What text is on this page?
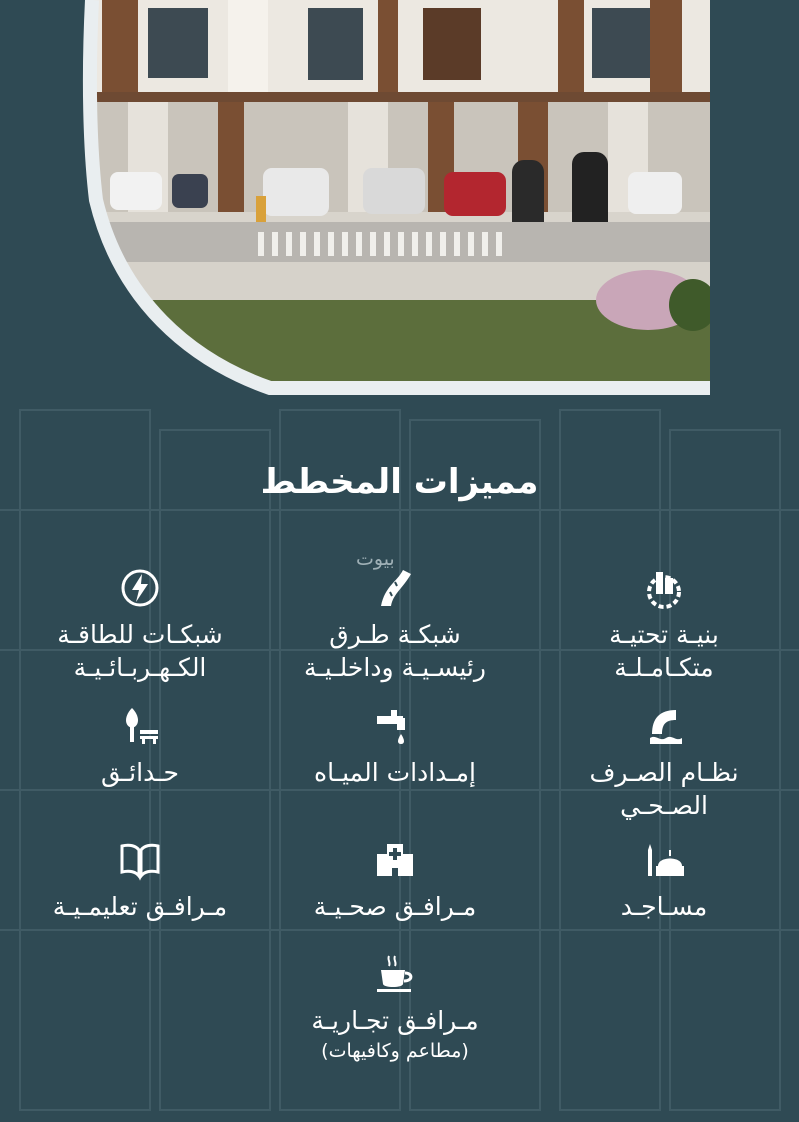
مميزات المخطط
بيوت
بنيـة تحتيـة
متكـامـلـة
شبكـة طـرق
رئيسـيـة وداخلـيـة
شبكـات للطاقـة
الكـهـربـائـيـة
نظـام الصـرف
الصـحـي
إمـدادات الميـاه
حـدائـق
مسـاجـد
مـرافـق صحـيـة
مـرافـق تعليمـيـة
مـرافـق تجـاريـة
(مطاعم وكافيهات)
